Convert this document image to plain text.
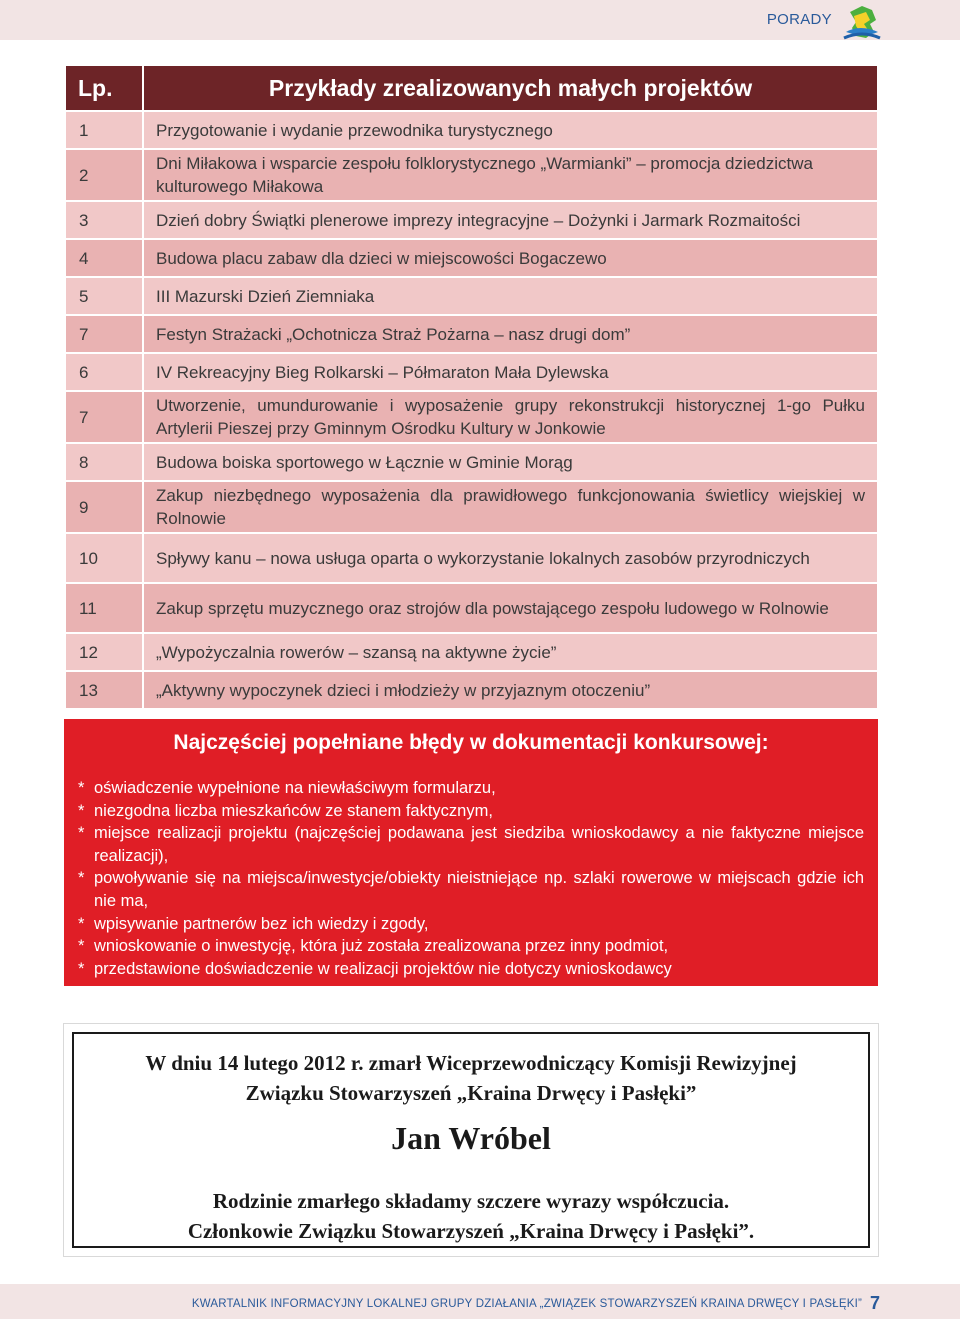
PORADY
Lp.	Przykłady zrealizowanych małych projektów
1	Przygotowanie i wydanie przewodnika turystycznego
2	Dni Miłakowa i wsparcie zespołu folklorystycznego „Warmianki” – promocja dziedzictwa kulturowego Miłakowa
3	Dzień dobry Świątki plenerowe imprezy integracyjne – Dożynki i Jarmark Rozmaitości
4	Budowa placu zabaw dla dzieci w miejscowości Bogaczewo
5	III Mazurski Dzień Ziemniaka
7	Festyn Strażacki „Ochotnicza Straż Pożarna – nasz drugi dom”
6	IV Rekreacyjny Bieg Rolkarski – Półmaraton Mała Dylewska
7	Utworzenie, umundurowanie i wyposażenie grupy rekonstrukcji historycznej 1-go Pułku Artylerii Pieszej przy Gminnym Ośrodku Kultury w Jonkowie
8	Budowa boiska sportowego w Łącznie w Gminie Morąg
9	Zakup niezbędnego wyposażenia dla prawidłowego funkcjonowania świetlicy wiejskiej w Rolnowie
10	Spływy kanu – nowa usługa oparta o wykorzystanie lokalnych zasobów przyrodniczych
11	Zakup sprzętu muzycznego oraz strojów dla powstającego zespołu ludowego w Rolnowie
12	„Wypożyczalnia rowerów – szansą na aktywne życie”
13	„Aktywny wypoczynek dzieci i młodzieży w przyjaznym otoczeniu”
Najczęściej popełniane błędy w dokumentacji konkursowej:
* oświadczenie wypełnione na niewłaściwym formularzu,
* niezgodna liczba mieszkańców ze stanem faktycznym,
* miejsce realizacji projektu (najczęściej podawana jest siedziba wnioskodawcy a nie faktyczne miejsce realizacji),
* powoływanie się na miejsca/inwestycje/obiekty nieistniejące np. szlaki rowerowe w miejscach gdzie ich nie ma,
* wpisywanie partnerów bez ich wiedzy i zgody,
* wnioskowanie o inwestycję, która już została zrealizowana przez inny podmiot,
* przedstawione doświadczenie w realizacji projektów nie dotyczy wnioskodawcy
W dniu 14 lutego 2012 r. zmarł Wiceprzewodniczący Komisji Rewizyjnej
Związku Stowarzyszeń „Kraina Drwęcy i Pasłęki”
Jan Wróbel
Rodzinie zmarłego składamy szczere wyrazy współczucia.
Członkowie Związku Stowarzyszeń „Kraina Drwęcy i Pasłęki”.
KWARTALNIK INFORMACYJNY LOKALNEJ GRUPY DZIAŁANIA „ZWIĄZEK STOWARZYSZEŃ KRAINA DRWĘCY I PASŁĘKI” 7
